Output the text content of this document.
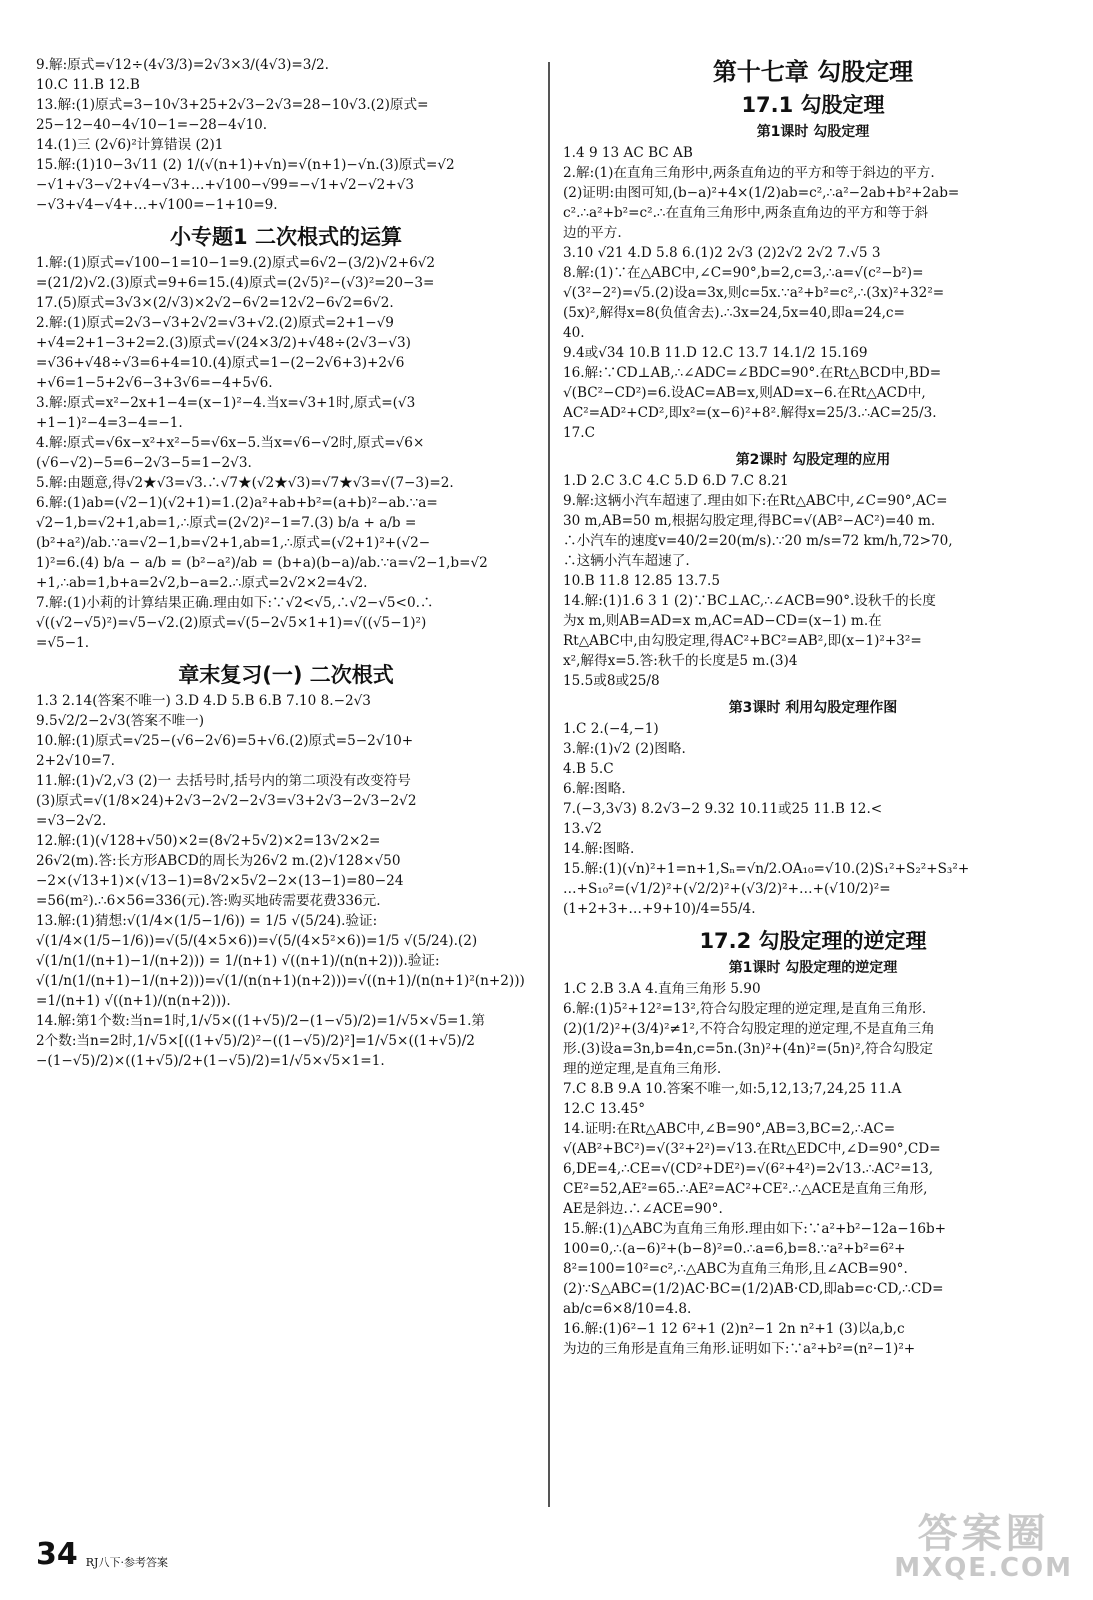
9.解:原式=√12÷(4√3/3)=2√3×3/(4√3)=3/2.
10.C 11.B 12.B
13.解:(1)原式=3−10√3+25+2√3−2√3=28−10√3.(2)原式=
25−12−40−4√10−1=−28−4√10.
14.(1)三 (2√6)²计算错误 (2)1
15.解:(1)10−3√11 (2) 1/(√(n+1)+√n)=√(n+1)−√n.(3)原式=√2
−√1+√3−√2+√4−√3+…+√100−√99=−√1+√2−√2+√3
−√3+√4−√4+…+√100=−1+10=9.
小专题1 二次根式的运算
1.解:(1)原式=√100−1=10−1=9.(2)原式=6√2−(3/2)√2+6√2
=(21/2)√2.(3)原式=9+6=15.(4)原式=(2√5)²−(√3)²=20−3=
17.(5)原式=3√3×(2/√3)×2√2−6√2=12√2−6√2=6√2.
2.解:(1)原式=2√3−√3+2√2=√3+√2.(2)原式=2+1−√9
+√4=2+1−3+2=2.(3)原式=√(24×3/2)+√48÷(2√3−√3)
=√36+√48÷√3=6+4=10.(4)原式=1−(2−2√6+3)+2√6
+√6=1−5+2√6−3+3√6=−4+5√6.
3.解:原式=x²−2x+1−4=(x−1)²−4.当x=√3+1时,原式=(√3
+1−1)²−4=3−4=−1.
4.解:原式=√6x−x²+x²−5=√6x−5.当x=√6−√2时,原式=√6×
(√6−√2)−5=6−2√3−5=1−2√3.
5.解:由题意,得√2★√3=√3.∴√7★(√2★√3)=√7★√3=√(7−3)=2.
6.解:(1)ab=(√2−1)(√2+1)=1.(2)a²+ab+b²=(a+b)²−ab.∵a=
√2−1,b=√2+1,ab=1,∴原式=(2√2)²−1=7.(3) b/a + a/b =
(b²+a²)/ab.∵a=√2−1,b=√2+1,ab=1,∴原式=(√2+1)²+(√2−
1)²=6.(4) b/a − a/b = (b²−a²)/ab = (b+a)(b−a)/ab.∵a=√2−1,b=√2
+1,∴ab=1,b+a=2√2,b−a=2.∴原式=2√2×2=4√2.
7.解:(1)小莉的计算结果正确.理由如下:∵√2<√5,∴√2−√5<0.∴
√((√2−√5)²)=√5−√2.(2)原式=√(5−2√5×1+1)=√((√5−1)²)
=√5−1.
章末复习(一) 二次根式
1.3 2.14(答案不唯一) 3.D 4.D 5.B 6.B 7.10 8.−2√3
9.5√2/2−2√3(答案不唯一)
10.解:(1)原式=√25−(√6−2√6)=5+√6.(2)原式=5−2√10+
2+2√10=7.
11.解:(1)√2,√3 (2)一 去括号时,括号内的第二项没有改变符号
(3)原式=√(1/8×24)+2√3−2√2−2√3=√3+2√3−2√3−2√2
=√3−2√2.
12.解:(1)(√128+√50)×2=(8√2+5√2)×2=13√2×2=
26√2(m).答:长方形ABCD的周长为26√2 m.(2)√128×√50
−2×(√13+1)×(√13−1)=8√2×5√2−2×(13−1)=80−24
=56(m²).∴6×56=336(元).答:购买地砖需要花费336元.
13.解:(1)猜想:√(1/4×(1/5−1/6)) = 1/5 √(5/24).验证:
√(1/4×(1/5−1/6))=√(5/(4×5×6))=√(5/(4×5²×6))=1/5 √(5/24).(2)
√(1/n(1/(n+1)−1/(n+2))) = 1/(n+1) √((n+1)/(n(n+2))).验证:
√(1/n(1/(n+1)−1/(n+2)))=√(1/(n(n+1)(n+2)))=√((n+1)/(n(n+1)²(n+2)))
=1/(n+1) √((n+1)/(n(n+2))).
14.解:第1个数:当n=1时,1/√5×((1+√5)/2−(1−√5)/2)=1/√5×√5=1.第
2个数:当n=2时,1/√5×[((1+√5)/2)²−((1−√5)/2)²]=1/√5×((1+√5)/2
−(1−√5)/2)×((1+√5)/2+(1−√5)/2)=1/√5×√5×1=1.
第十七章 勾股定理
17.1 勾股定理
第1课时 勾股定理
1.4 9 13 AC BC AB
2.解:(1)在直角三角形中,两条直角边的平方和等于斜边的平方.
(2)证明:由图可知,(b−a)²+4×(1/2)ab=c²,∴a²−2ab+b²+2ab=
c².∴a²+b²=c².∴在直角三角形中,两条直角边的平方和等于斜
边的平方.
3.10 √21 4.D 5.8 6.(1)2 2√3 (2)2√2 2√2 7.√5 3
8.解:(1)∵在△ABC中,∠C=90°,b=2,c=3,∴a=√(c²−b²)=
√(3²−2²)=√5.(2)设a=3x,则c=5x.∵a²+b²=c²,∴(3x)²+32²=
(5x)²,解得x=8(负值舍去).∴3x=24,5x=40,即a=24,c=
40.
9.4或√34 10.B 11.D 12.C 13.7 14.1/2 15.169
16.解:∵CD⊥AB,∴∠ADC=∠BDC=90°.在Rt△BCD中,BD=
√(BC²−CD²)=6.设AC=AB=x,则AD=x−6.在Rt△ACD中,
AC²=AD²+CD²,即x²=(x−6)²+8².解得x=25/3.∴AC=25/3.
17.C
第2课时 勾股定理的应用
1.D 2.C 3.C 4.C 5.D 6.D 7.C 8.21
9.解:这辆小汽车超速了.理由如下:在Rt△ABC中,∠C=90°,AC=
30 m,AB=50 m,根据勾股定理,得BC=√(AB²−AC²)=40 m.
∴小汽车的速度v=40/2=20(m/s).∵20 m/s=72 km/h,72>70,
∴这辆小汽车超速了.
10.B 11.8 12.85 13.7.5
14.解:(1)1.6 3 1 (2)∵BC⊥AC,∴∠ACB=90°.设秋千的长度
为x m,则AB=AD=x m,AC=AD−CD=(x−1) m.在
Rt△ABC中,由勾股定理,得AC²+BC²=AB²,即(x−1)²+3²=
x²,解得x=5.答:秋千的长度是5 m.(3)4
15.5或8或25/8
第3课时 利用勾股定理作图
1.C 2.(−4,−1)
3.解:(1)√2 (2)图略.
4.B 5.C
6.解:图略.
7.(−3,3√3) 8.2√3−2 9.32 10.11或25 11.B 12.<
13.√2
14.解:图略.
15.解:(1)(√n)²+1=n+1,Sₙ=√n/2.OA₁₀=√10.(2)S₁²+S₂²+S₃²+
…+S₁₀²=(√1/2)²+(√2/2)²+(√3/2)²+…+(√10/2)²=
(1+2+3+…+9+10)/4=55/4.
17.2 勾股定理的逆定理
第1课时 勾股定理的逆定理
1.C 2.B 3.A 4.直角三角形 5.90
6.解:(1)5²+12²=13²,符合勾股定理的逆定理,是直角三角形.
(2)(1/2)²+(3/4)²≠1²,不符合勾股定理的逆定理,不是直角三角
形.(3)设a=3n,b=4n,c=5n.(3n)²+(4n)²=(5n)²,符合勾股定
理的逆定理,是直角三角形.
7.C 8.B 9.A 10.答案不唯一,如:5,12,13;7,24,25 11.A
12.C 13.45°
14.证明:在Rt△ABC中,∠B=90°,AB=3,BC=2,∴AC=
√(AB²+BC²)=√(3²+2²)=√13.在Rt△EDC中,∠D=90°,CD=
6,DE=4,∴CE=√(CD²+DE²)=√(6²+4²)=2√13.∴AC²=13,
CE²=52,AE²=65.∴AE²=AC²+CE².∴△ACE是直角三角形,
AE是斜边.∴∠ACE=90°.
15.解:(1)△ABC为直角三角形.理由如下:∵a²+b²−12a−16b+
100=0,∴(a−6)²+(b−8)²=0.∴a=6,b=8.∵a²+b²=6²+
8²=100=10²=c²,∴△ABC为直角三角形,且∠ACB=90°.
(2)∵S△ABC=(1/2)AC·BC=(1/2)AB·CD,即ab=c·CD,∴CD=
ab/c=6×8/10=4.8.
16.解:(1)6²−1 12 6²+1 (2)n²−1 2n n²+1 (3)以a,b,c
为边的三角形是直角三角形.证明如下:∵a²+b²=(n²−1)²+
34 RJ八下·参考答案
答案圈
MXQE.COM
